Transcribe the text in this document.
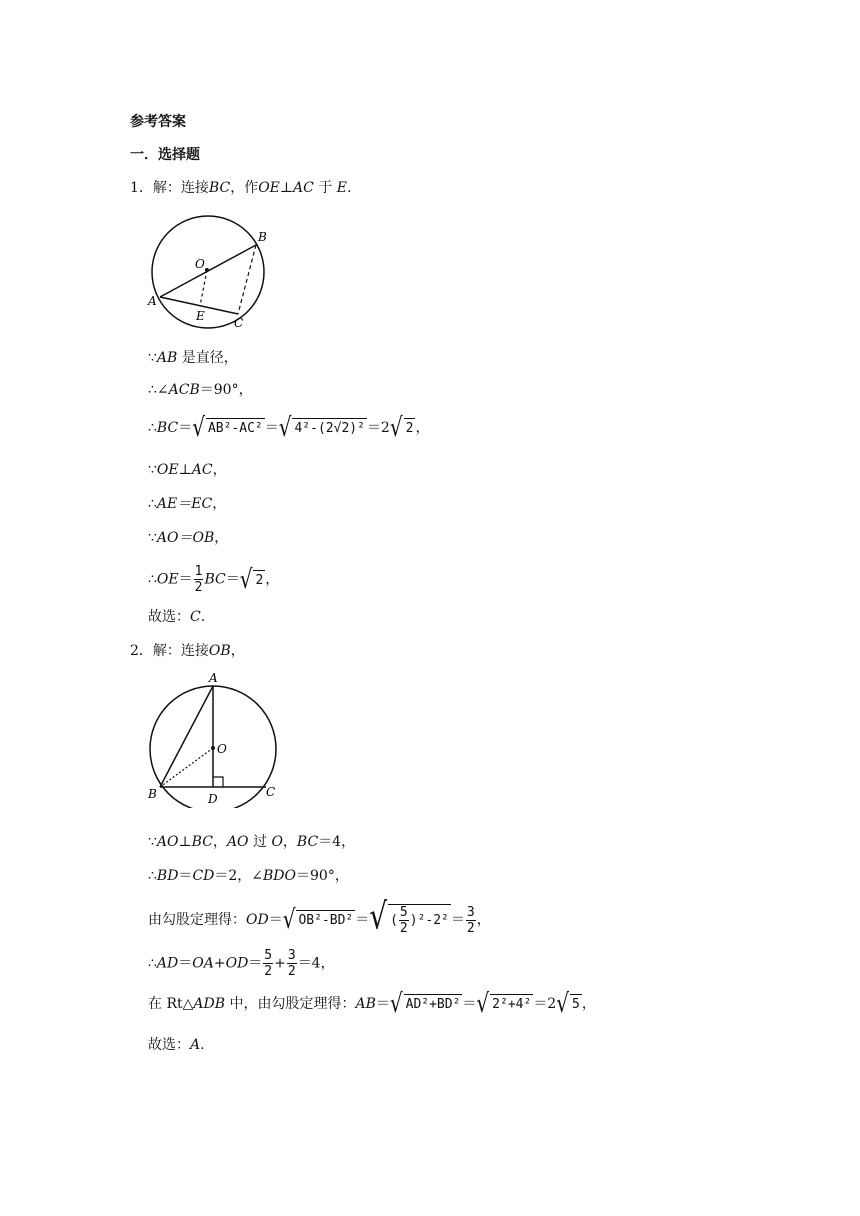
参考答案
一．选择题
1．解：连接BC，作OE⊥AC 于 E.
O
B
A
E C
∵AB 是直径，
∴∠ACB＝90°，
∴BC＝√ AB²-AC² ＝√ 4²-(2√2)² ＝2√ 2 ，
∵OE⊥AC，
∴AE＝EC，
∵AO＝OB，
∴OE＝ $\frac{1}{2} BC=√$ 2 ，
故选：C.
2．解：连接OB，
A
O
B	D	C
∵AO⊥BC，AO 过 O，BC＝4，
∴BD＝CD＝2，∠BDO＝90°，
由勾股定理得：OD＝√ OB²-BD² ＝√ ( $\frac{5}{2} )^2-2^2 = \frac{3}{2}$ ，
∴AD＝OA+OD＝ $\frac{5}{2} + \frac{3}{2} =4$，
在 Rt△ADB 中，由勾股定理得：AB＝√ AD²+BD² ＝√ 2²+4² ＝2√ 5 ，
故选：A.
